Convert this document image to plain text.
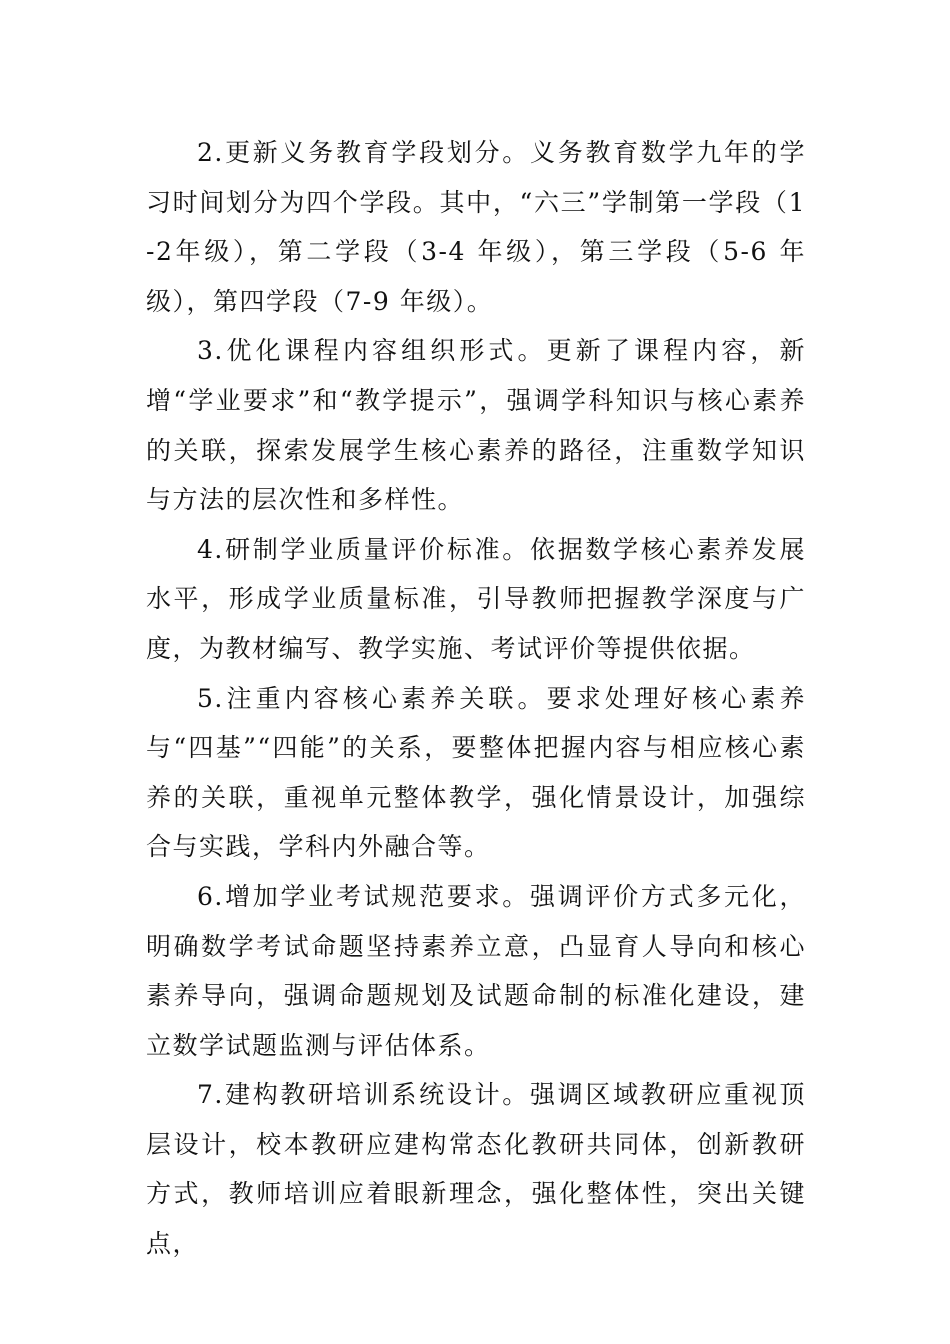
2.更新义务教育学段划分。义务教育数学九年的学习时间划分为四个学段。其中，“六三”学制第一学段（1-2年级），第二学段（3-4 年级），第三学段（5-6 年级），第四学段（7-9 年级）。

3.优化课程内容组织形式。更新了课程内容，新增“学业要求”和“教学提示”，强调学科知识与核心素养的关联，探索发展学生核心素养的路径，注重数学知识与方法的层次性和多样性。

4.研制学业质量评价标准。依据数学核心素养发展水平，形成学业质量标准，引导教师把握教学深度与广度，为教材编写、教学实施、考试评价等提供依据。

5.注重内容核心素养关联。要求处理好核心素养与“四基”“四能”的关系，要整体把握内容与相应核心素养的关联，重视单元整体教学，强化情景设计，加强综合与实践，学科内外融合等。

6.增加学业考试规范要求。强调评价方式多元化，明确数学考试命题坚持素养立意，凸显育人导向和核心素养导向，强调命题规划及试题命制的标准化建设，建立数学试题监测与评估体系。

7.建构教研培训系统设计。强调区域教研应重视顶层设计，校本教研应建构常态化教研共同体，创新教研方式，教师培训应着眼新理念，强化整体性，突出关键点，
